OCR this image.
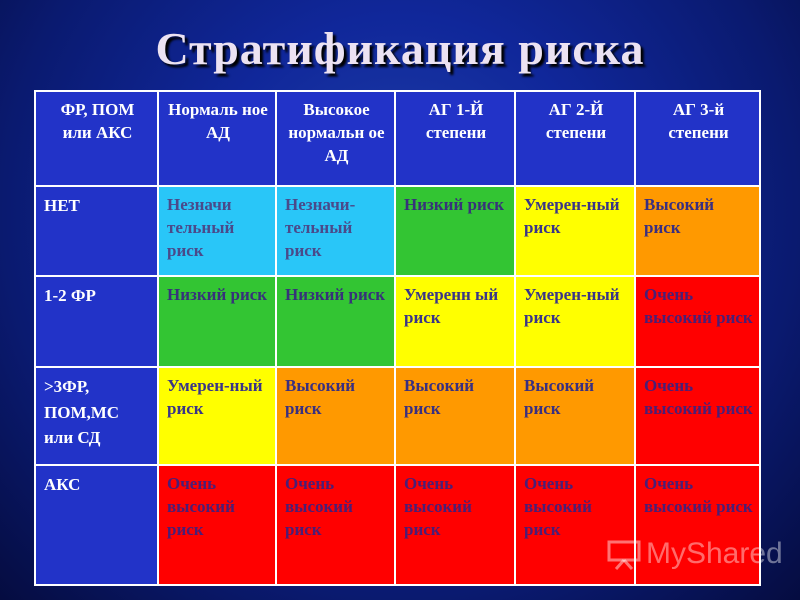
Стратификация риска
ФР, ПОМ или АКС	Нормаль ное АД	Высокое нормальн ое АД	АГ 1-Й степени	АГ 2-Й степени	АГ 3-й степени

НЕТ	Незначи тельный риск	Незначи-тельный риск	Низкий риск	Умерен-ный риск	Высокий риск

1-2 ФР	Низкий риск	Низкий риск	Умеренн ый риск	Умерен-ный риск	Очень высокий риск

>3ФР,
ПОМ,МС
или СД	Умерен-ный риск	Высокий риск	Высокий риск	Высокий риск	Очень высокий риск

АКС	Очень высокий риск	Очень высокий риск	Очень высокий риск	Очень высокий риск	Очень высокий риск
MyShared
